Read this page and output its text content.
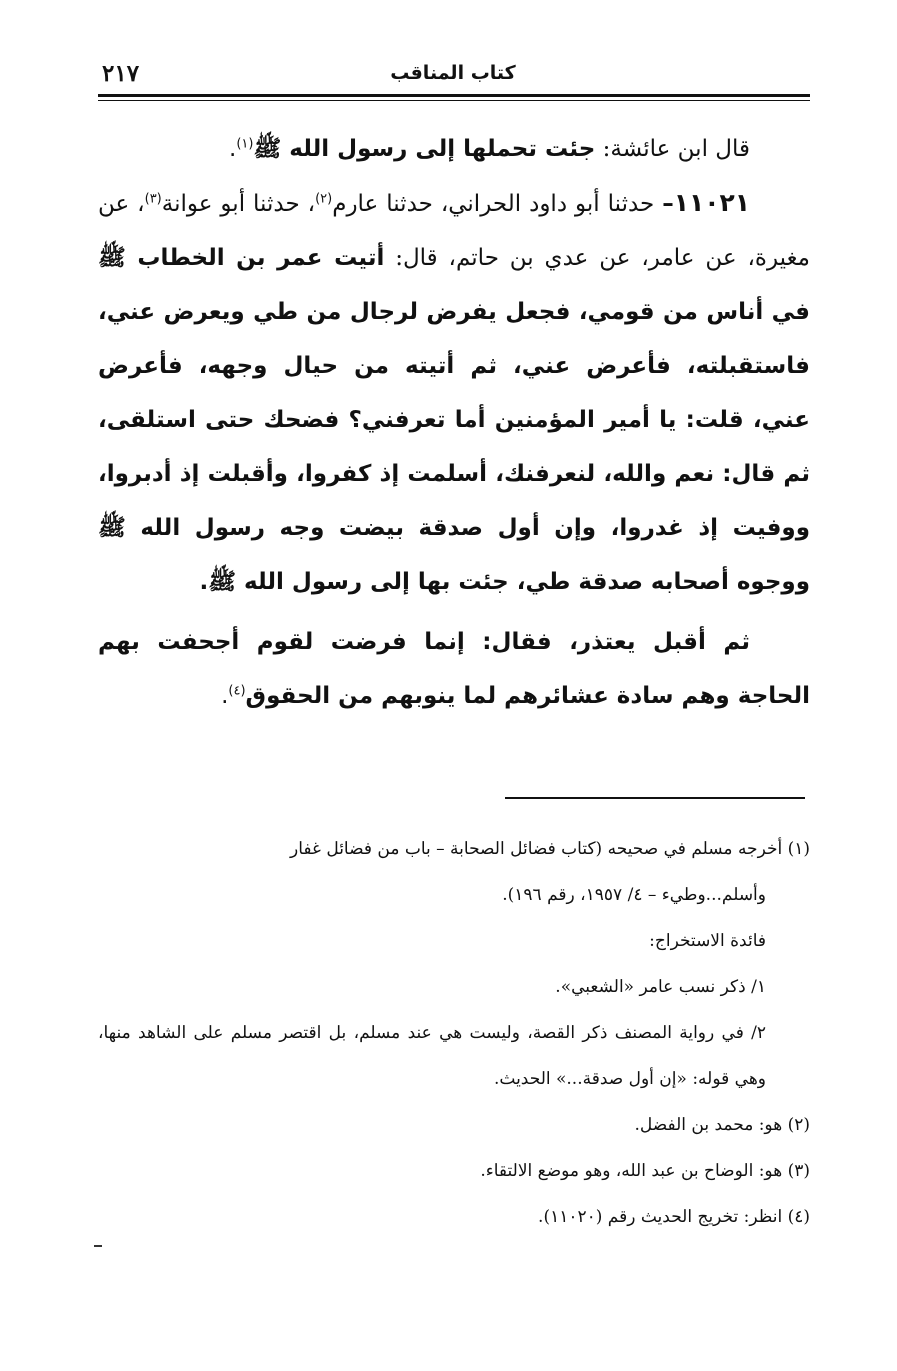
كتاب المناقب
٢١٧

قال ابن عائشة: جئت تحملها إلى رسول الله ﷺ$^{(١)}$.

١١٠٢١– حدثنا أبو داود الحراني، حدثنا عارم$^{(٢)}$، حدثنا أبو عوانة$^{(٣)}$، عن مغيرة، عن عامر، عن عدي بن حاتم، قال: أتيت عمر بن الخطاب ﷺ في أناس من قومي، فجعل يفرض لرجال من طي ويعرض عني، فاستقبلته، فأعرض عني، ثم أتيته من حيال وجهه، فأعرض عني، قلت: يا أمير المؤمنين أما تعرفني؟ فضحك حتى استلقى، ثم قال: نعم والله، لنعرفنك، أسلمت إذ كفروا، وأقبلت إذ أدبروا، ووفيت إذ غدروا، وإن أول صدقة بيضت وجه رسول الله ﷺ ووجوه أصحابه صدقة طي، جئت بها إلى رسول الله ﷺ.

ثم أقبل يعتذر، فقال: إنما فرضت لقوم أجحفت بهم الحاجة وهم سادة عشائرهم لما ينوبهم من الحقوق$^{(٤)}$.

(١) أخرجه مسلم في صحيحه (كتاب فضائل الصحابة – باب من فضائل غفار

وأسلم...وطيء – ٤/ ١٩٥٧، رقم ١٩٦).

فائدة الاستخراج:

١/ ذكر نسب عامر «الشعبي».

٢/ في رواية المصنف ذكر القصة، وليست هي عند مسلم، بل اقتصر مسلم على الشاهد منها، وهي قوله: «إن أول صدقة...» الحديث.

(٢) هو: محمد بن الفضل.

(٣) هو: الوضاح بن عبد الله، وهو موضع الالتقاء.

(٤) انظر: تخريج الحديث رقم (١١٠٢٠).
